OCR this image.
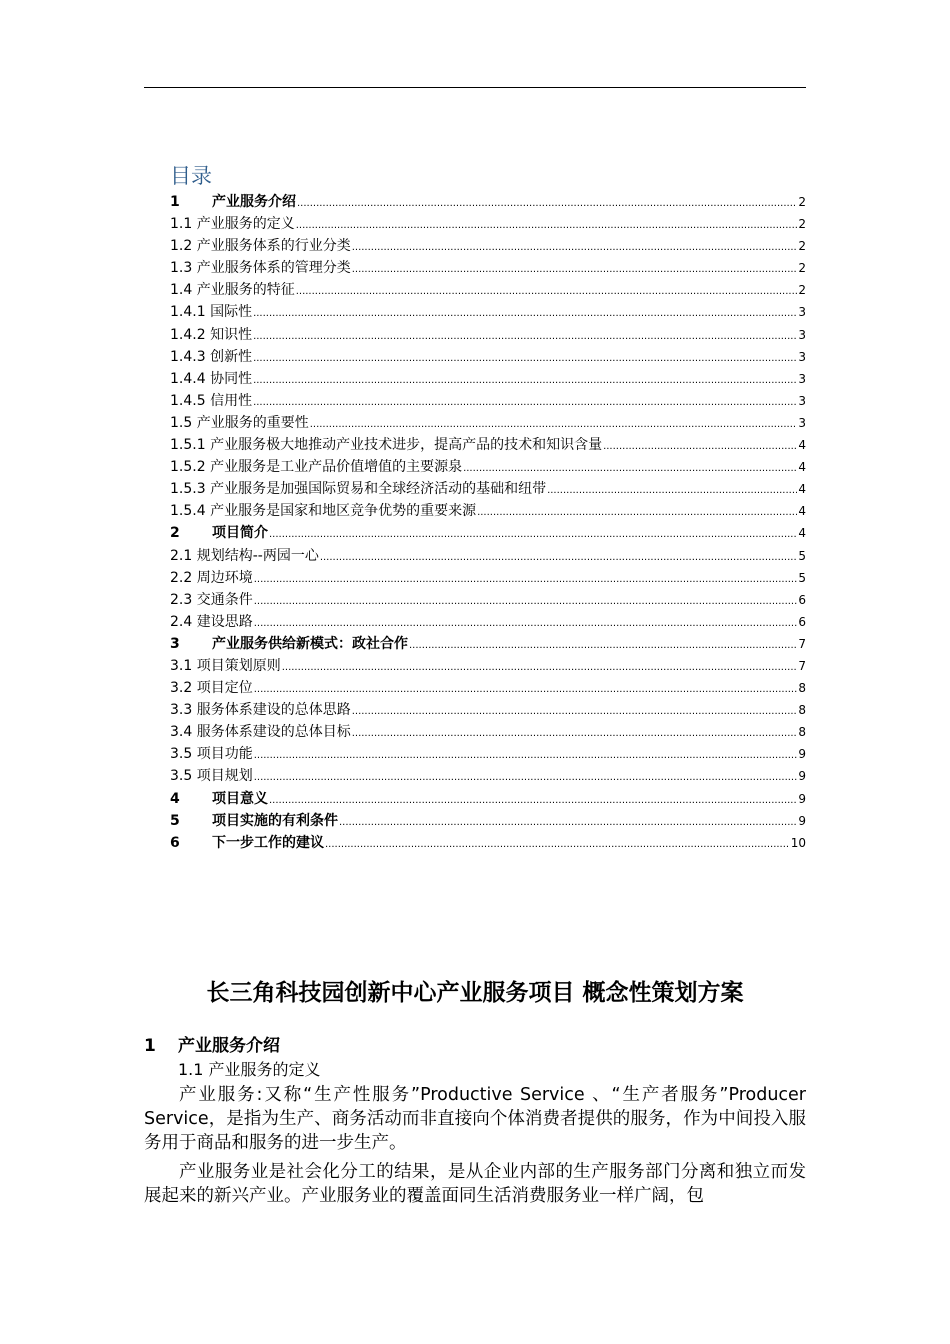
目录
1 产业服务介绍 .....	2
1.1 产业服务的定义 .....	2
1.2 产业服务体系的行业分类 .....	2
1.3 产业服务体系的管理分类 .....	2
1.4 产业服务的特征 .....	2
1.4.1 国际性 .....	3
1.4.2 知识性 .....	3
1.4.3 创新性 .....	3
1.4.4 协同性 .....	3
1.4.5 信用性 .....	3
1.5 产业服务的重要性 .....	3
1.5.1 产业服务极大地推动产业技术进步，提高产品的技术和知识含量 .....	4
1.5.2 产业服务是工业产品价值增值的主要源泉 .....	4
1.5.3 产业服务是加强国际贸易和全球经济活动的基础和纽带 .....	4
1.5.4 产业服务是国家和地区竞争优势的重要来源 .....	4
2 项目简介 .....	4
2.1 规划结构--两园一心 .....	5
2.2 周边环境 .....	5
2.3 交通条件 .....	6
2.4 建设思路 .....	6
3 产业服务供给新模式：政社合作 .....	7
3.1 项目策划原则 .....	7
3.2 项目定位 .....	8
3.3 服务体系建设的总体思路 .....	8
3.4 服务体系建设的总体目标 .....	8
3.5 项目功能 .....	9
3.5 项目规划 .....	9
4 项目意义 .....	9
5 项目实施的有利条件 .....	9
6 下一步工作的建议 .....	10
长三角科技园创新中心产业服务项目 概念性策划方案
1 产业服务介绍
1.1 产业服务的定义
产业服务:又称“生产性服务”Productive Service 、“生产者服务”Producer Service，是指为生产、商务活动而非直接向个体消费者提供的服务，作为中间投入服务用于商品和服务的进一步生产。
产业服务业是社会化分工的结果，是从企业内部的生产服务部门分离和独立而发展起来的新兴产业。产业服务业的覆盖面同生活消费服务业一样广阔，包
